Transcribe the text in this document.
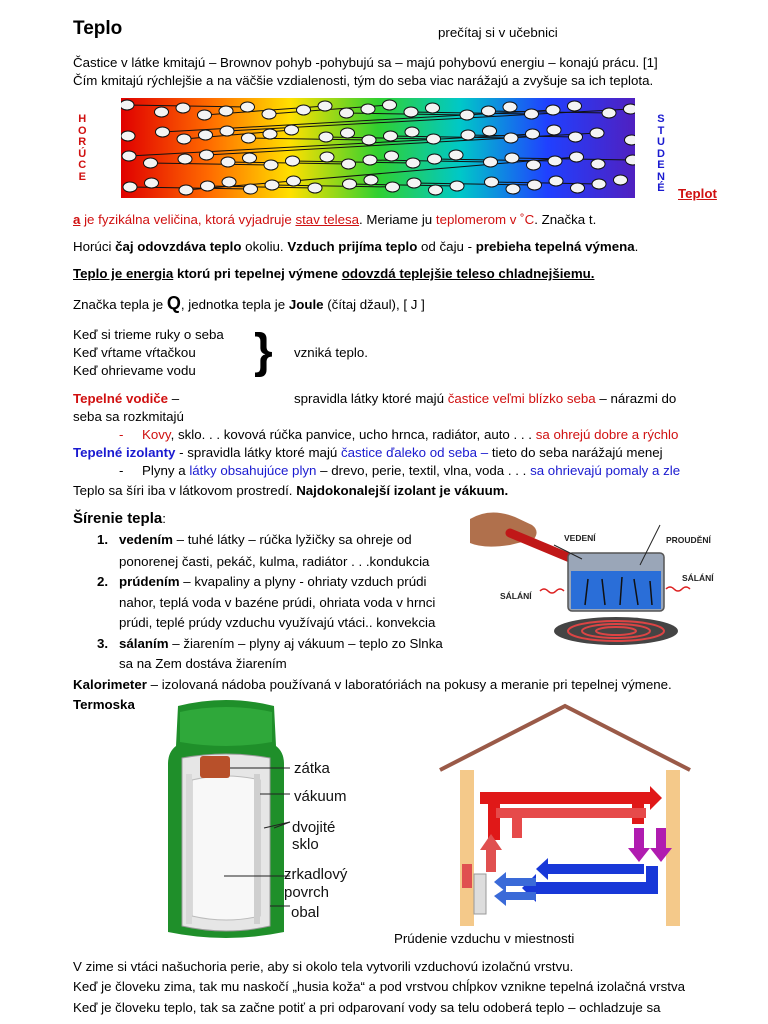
Teplo	prečítaj si v učebnici
Častice v látke kmitajú – Brownov pohyb -pohybujú sa – majú pohybovú energiu – konajú prácu. [1]
Čím kmitajú rýchlejšie a na väčšie vzdialenosti, tým do seba viac narážajú a zvyšuje sa ich teplota.
H
O
R
Ú
C
E
S
T
U
D
E
N
É Teplot
a je fyzikálna veličina, ktorá vyjadruje stav telesa. Meriame ju teplomerom v ˚C. Značka t.
Horúci čaj odovzdáva teplo okoliu. Vzduch prijíma teplo od čaju - prebieha tepelná výmena.
Teplo je energia ktorú pri tepelnej výmene odovzdá teplejšie teleso chladnejšiemu.
Značka tepla je Q, jednotka tepla je Joule (čítaj džaul), [ J ]
Keď si trieme ruky o seba
Keď vŕtame vŕtačkou
Keď ohrievame vodu } vzniká teplo.
Tepelné vodiče –	spravidla látky ktoré majú častice veľmi blízko seba – nárazmi do
seba sa rozkmitajú
- Kovy, sklo. . . kovová rúčka panvice, ucho hrnca, radiátor, auto . . . sa ohrejú dobre a rýchlo
Tepelné izolanty - spravidla látky ktoré majú častice ďaleko od seba – tieto do seba narážajú menej
- Plyny a látky obsahujúce plyn – drevo, perie, textil, vlna, voda . . . sa ohrievajú pomaly a zle
Teplo sa šíri iba v látkovom prostredí. Najdokonalejší izolant je vákuum.
Šírenie tepla:
1. vedením – tuhé látky – rúčka lyžičky sa ohreje od
ponorenej časti, pekáč, kulma, radiátor . . .kondukcia
2. prúdením – kvapaliny a plyny - ohriaty vzduch prúdi
nahor, teplá voda v bazéne prúdi, ohriata voda v hrnci
prúdi, teplé prúdy vzduchu využívajú vtáci.. konvekcia
3. sálaním – žiarením – plyny aj vákuum – teplo zo Slnka
sa na Zem dostáva žiarením
VEDENÍ	PROUDĚNÍ
SÁLÁNÍ
SÁLÁNÍ
Kalorimeter – izolovaná nádoba používaná v laboratóriách na pokusy a meranie pri tepelnej výmene.
Termoska
zátka
vákuum
dvojité
sklo
zrkadlový
povrch
obal
Prúdenie vzduchu v miestnosti
V zime si vtáci našuchoria perie, aby si okolo tela vytvorili vzduchovú izolačnú vrstvu.
Keď je človeku zima, tak mu naskočí „husia koža“ a pod vrstvou chĺpkov vznikne tepelná izolačná vrstva
Keď je človeku teplo, tak sa začne potiť a pri odparovaní vody sa telu odoberá teplo – ochladzuje sa
